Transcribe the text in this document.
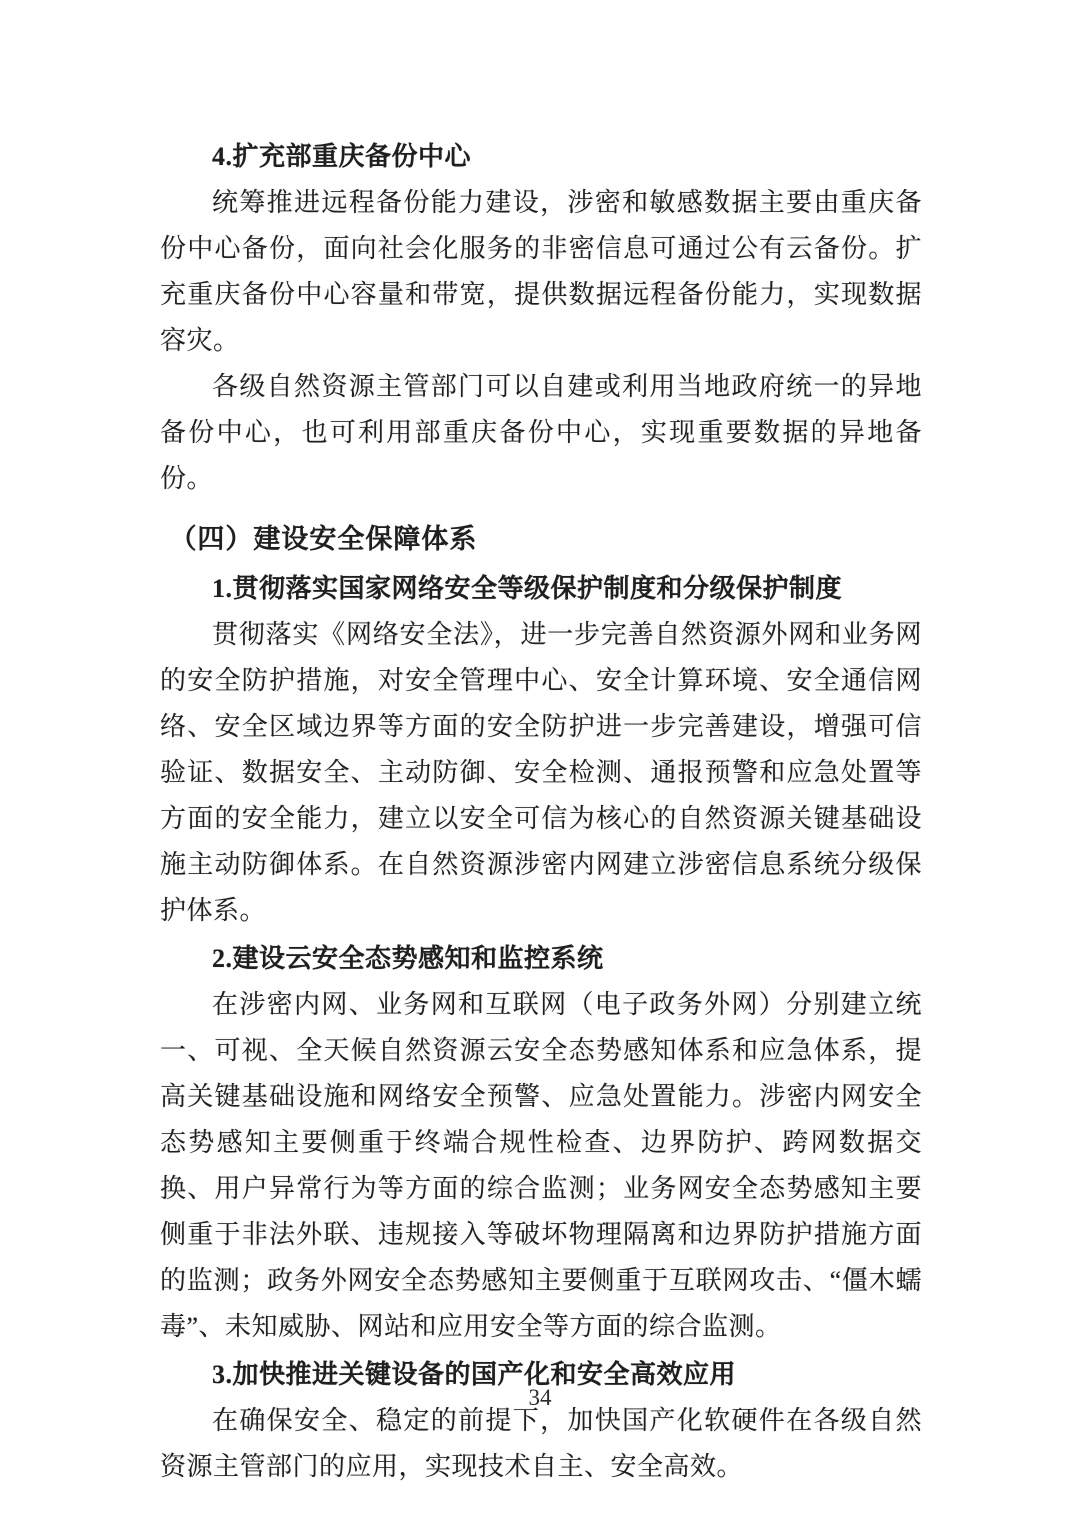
4.扩充部重庆备份中心

统筹推进远程备份能力建设，涉密和敏感数据主要由重庆备份中心备份，面向社会化服务的非密信息可通过公有云备份。扩充重庆备份中心容量和带宽，提供数据远程备份能力，实现数据容灾。

各级自然资源主管部门可以自建或利用当地政府统一的异地备份中心，也可利用部重庆备份中心，实现重要数据的异地备份。

（四）建设安全保障体系

1.贯彻落实国家网络安全等级保护制度和分级保护制度

贯彻落实《网络安全法》，进一步完善自然资源外网和业务网的安全防护措施，对安全管理中心、安全计算环境、安全通信网络、安全区域边界等方面的安全防护进一步完善建设，增强可信验证、数据安全、主动防御、安全检测、通报预警和应急处置等方面的安全能力，建立以安全可信为核心的自然资源关键基础设施主动防御体系。在自然资源涉密内网建立涉密信息系统分级保护体系。

2.建设云安全态势感知和监控系统

在涉密内网、业务网和互联网（电子政务外网）分别建立统一、可视、全天候自然资源云安全态势感知体系和应急体系，提高关键基础设施和网络安全预警、应急处置能力。涉密内网安全态势感知主要侧重于终端合规性检查、边界防护、跨网数据交换、用户异常行为等方面的综合监测；业务网安全态势感知主要侧重于非法外联、违规接入等破坏物理隔离和边界防护措施方面的监测；政务外网安全态势感知主要侧重于互联网攻击、“僵木蠕毒”、未知威胁、网站和应用安全等方面的综合监测。

3.加快推进关键设备的国产化和安全高效应用

在确保安全、稳定的前提下，加快国产化软硬件在各级自然资源主管部门的应用，实现技术自主、安全高效。

34
